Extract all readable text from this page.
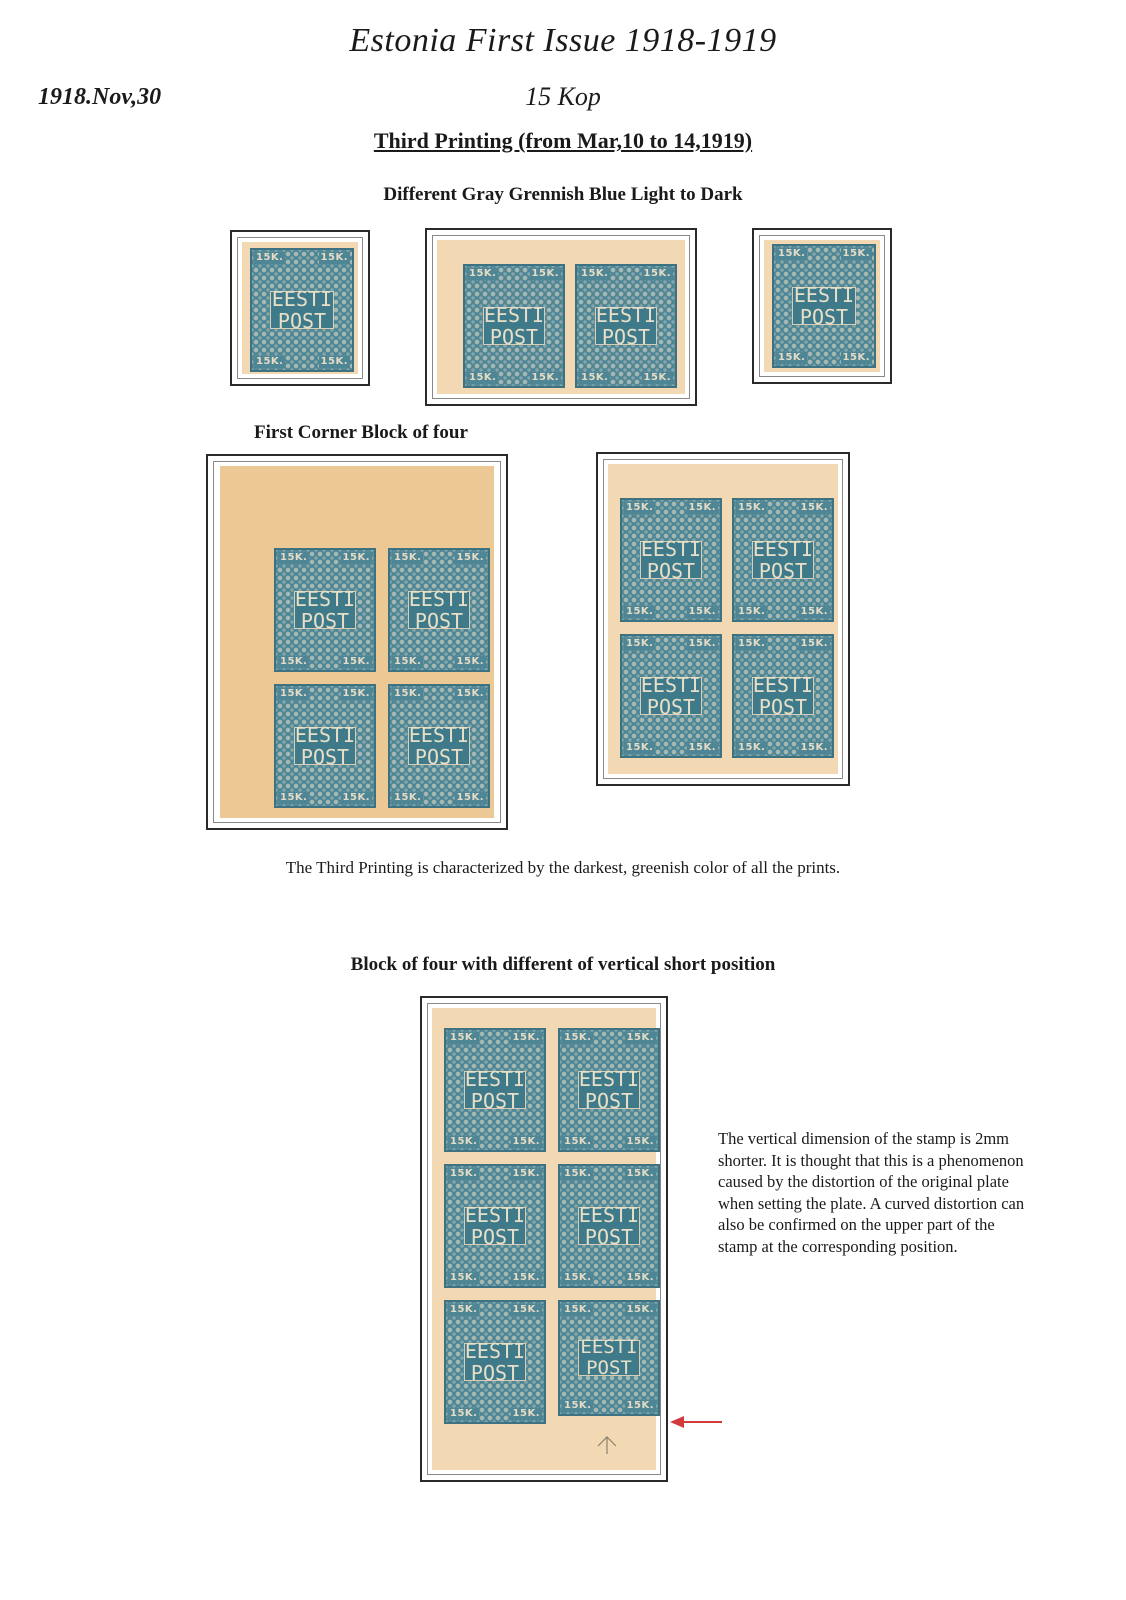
Estonia First Issue 1918-1919
1918.Nov,30	15 Kop
Third Printing (from Mar,10 to 14,1919)
Different Gray Grennish Blue Light to Dark
15K.	15K.
15K.	15K.
EESTI
POST
15K.	15K.
15K.	15K.
EESTI
POST
15K.	15K.
15K.	15K.
EESTI
POST
15K.	15K.
15K.	15K.
EESTI
POST
First Corner Block of four
15K.	15K.
15K.	15K.
EESTI
POST
15K.	15K.
15K.	15K.
EESTI
POST
15K.	15K.
15K.	15K.
EESTI
POST
15K.	15K.
15K.	15K.
EESTI
POST
15K.	15K.
15K.	15K.
EESTI
POST
15K.	15K.
15K.	15K.
EESTI
POST
15K.	15K.
15K.	15K.
EESTI
POST
15K.	15K.
15K.	15K.
EESTI
POST
The Third Printing is characterized by the darkest, greenish color of all the prints.
Block of four with different of vertical short position
15K.	15K.
15K.	15K.
EESTI
POST
15K.	15K.
15K.	15K.
EESTI
POST
15K.	15K.
15K.	15K.
EESTI
POST
15K.	15K.
15K.	15K.
EESTI
POST
15K.	15K.
15K.	15K.
EESTI
POST
15K.	15K.
15K.	15K.
EESTI
POST
The vertical dimension of the stamp is 2mm shorter. It is thought that this is a phenomenon caused by the distortion of the original plate when setting the plate. A curved distortion can also be confirmed on the upper part of the stamp at the corresponding position.
